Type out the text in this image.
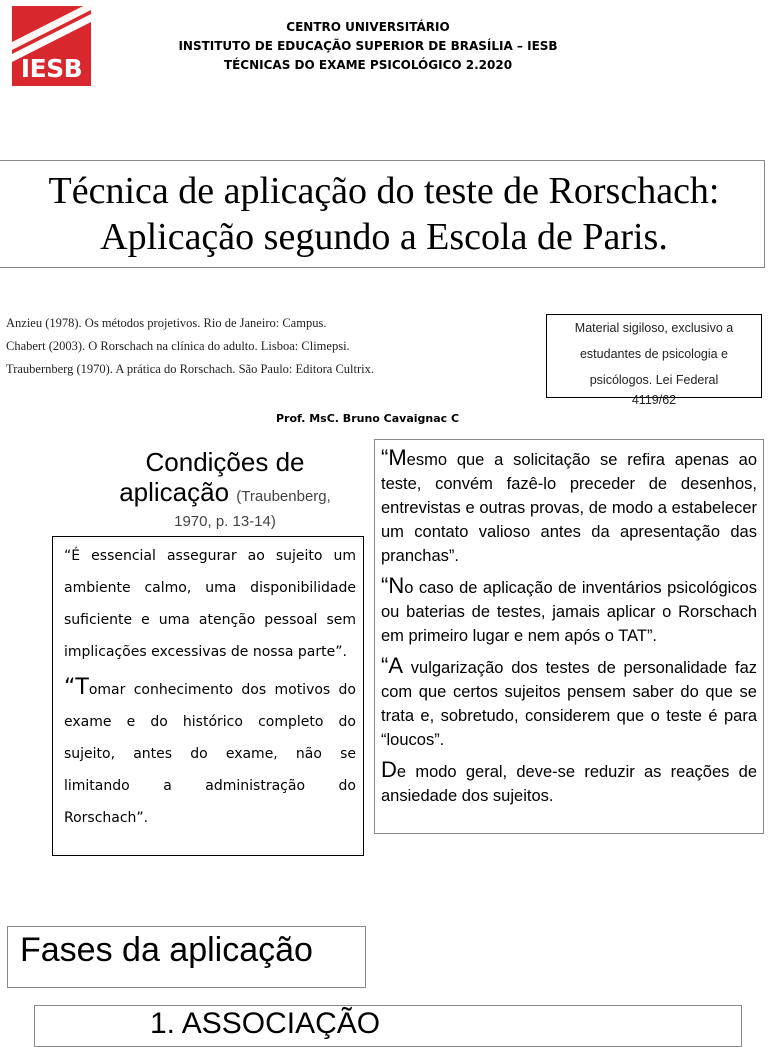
IESB
CENTRO UNIVERSITÁRIO
INSTITUTO DE EDUCAÇÃO SUPERIOR DE BRASÍLIA – IESB
TÉCNICAS DO EXAME PSICOLÓGICO 2.2020
Técnica de aplicação do teste de Rorschach:
Aplicação segundo a Escola de Paris.
Anzieu (1978). Os métodos projetivos. Rio de Janeiro: Campus.
Chabert (2003). O Rorschach na clínica do adulto. Lisboa: Climepsi.
Traubernberg (1970). A prática do Rorschach. São Paulo: Editora Cultrix.
Material sigiloso, exclusivo a
estudantes de psicologia e
psicólogos. Lei Federal
4119/62
Prof. MsC. Bruno Cavaignac C
Condições de
aplicação (Traubenberg,
1970, p. 13-14)

“É essencial assegurar ao sujeito um ambiente calmo, uma disponibilidade suficiente e uma atenção pessoal sem implicações excessivas de nossa parte”.

“Tomar conhecimento dos motivos do exame e do histórico completo do sujeito, antes do exame, não se limitando a administração do Rorschach”.

“Mesmo que a solicitação se refira apenas ao teste, convém fazê-lo preceder de desenhos, entrevistas e outras provas, de modo a estabelecer um contato valioso antes da apresentação das pranchas”.

“No caso de aplicação de inventários psicológicos ou baterias de testes, jamais aplicar o Rorschach em primeiro lugar e nem após o TAT”.

“A vulgarização dos testes de personalidade faz com que certos sujeitos pensem saber do que se trata e, sobretudo, considerem que o teste é para “loucos”.

De modo geral, deve-se reduzir as reações de ansiedade dos sujeitos.

Fases da aplicação
1. ASSOCIAÇÃO
